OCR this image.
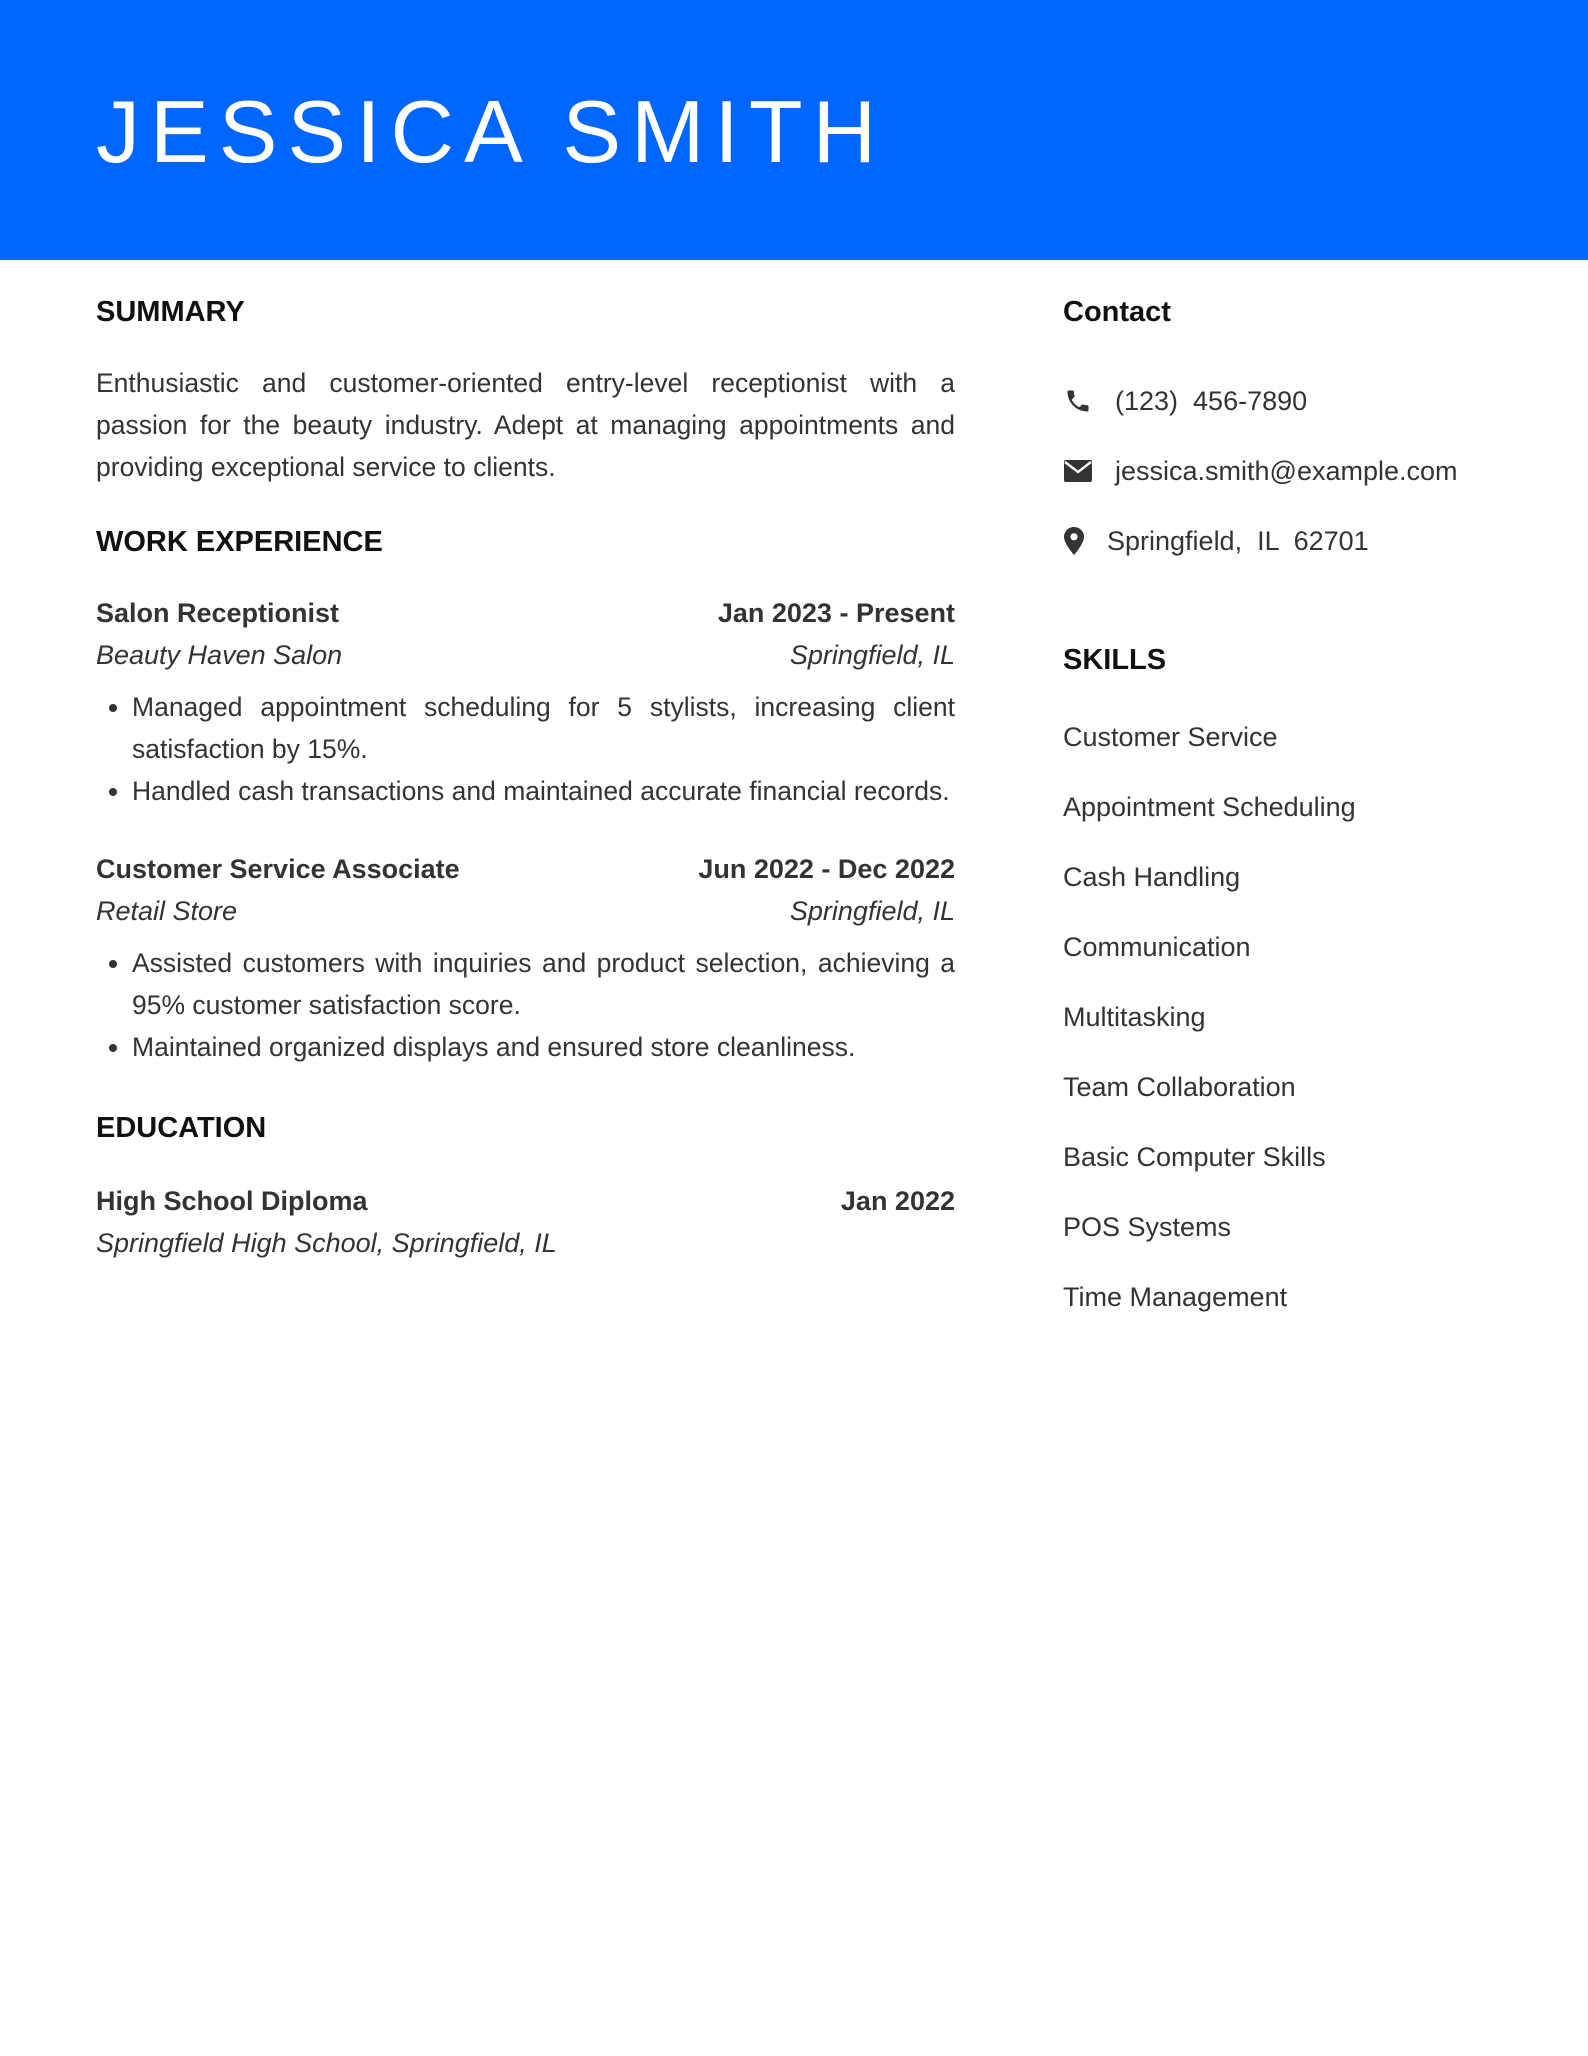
JESSICA SMITH
SUMMARY

Enthusiastic and customer-oriented entry-level receptionist with a passion for the beauty industry. Adept at managing appointments and providing exceptional service to clients.

WORK EXPERIENCE
Salon Receptionist	Jan 2023 - Present
Beauty Haven Salon	Springfield, IL
• Managed appointment scheduling for 5 stylists, increasing client satisfaction by 15%.
• Handled cash transactions and maintained accurate financial records.
Customer Service Associate	Jun 2022 - Dec 2022
Retail Store	Springfield, IL
• Assisted customers with inquiries and product selection, achieving a 95% customer satisfaction score.
• Maintained organized displays and ensured store cleanliness.
EDUCATION
High School Diploma	Jan 2022
Springfield High School, Springfield, IL
Contact
(123)  456-7890
jessica.smith@example.com
Springfield,  IL  62701
SKILLS
Customer Service
Appointment Scheduling
Cash Handling
Communication
Multitasking
Team Collaboration
Basic Computer Skills
POS Systems
Time Management
